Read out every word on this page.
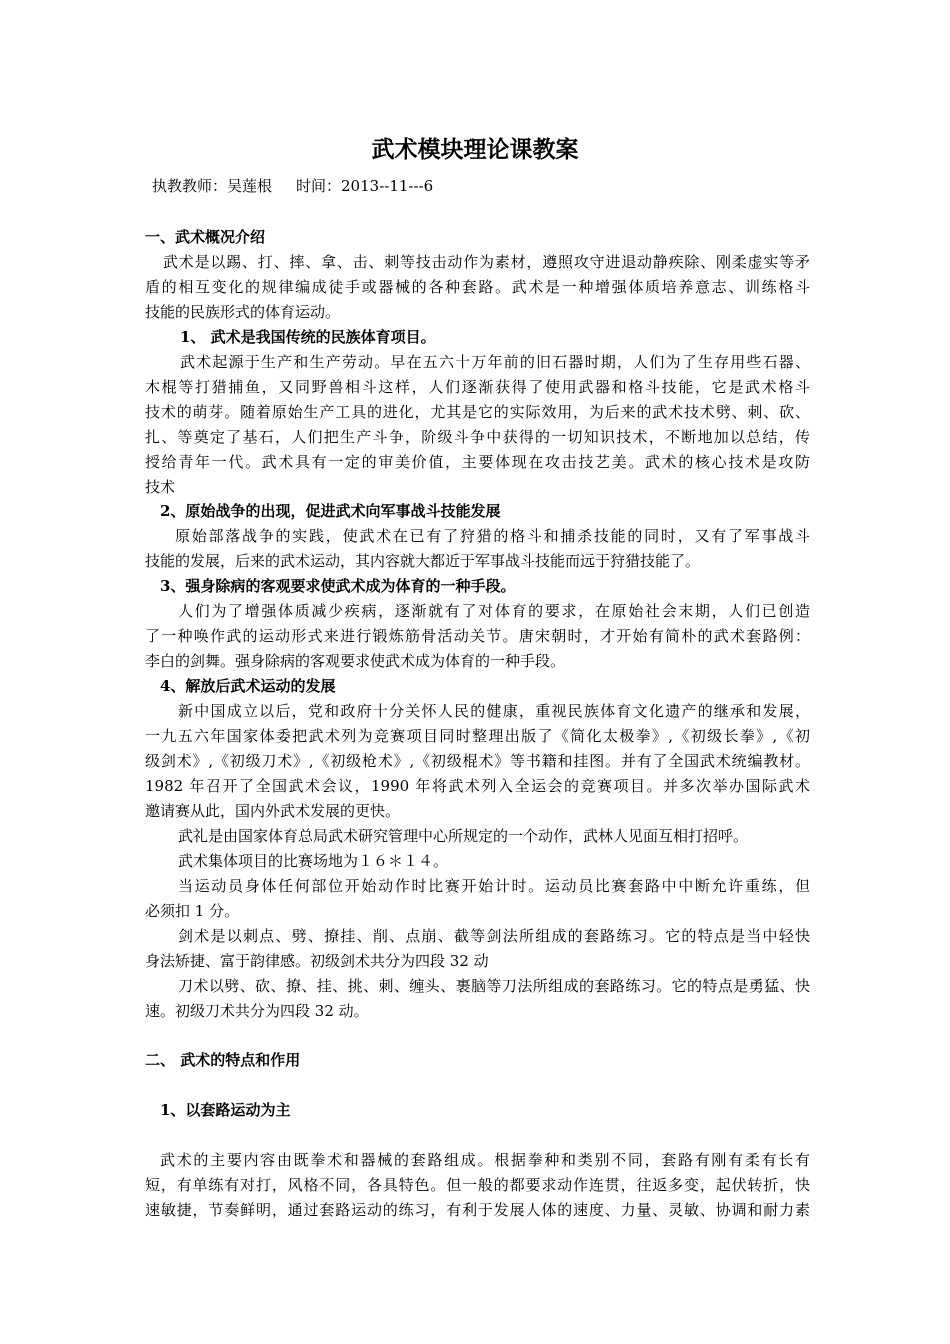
武术模块理论课教案
执教教师：吴莲根 时间：2013--11---6
一、武术概况介绍
武术是以踢、打、摔、拿、击、刺等技击动作为素材，遵照攻守进退动静疾除、刚柔虚实等矛
盾的相互变化的规律编成徒手或器械的各种套路。武术是一种增强体质培养意志、训练格斗
技能的民族形式的体育运动。
1、 武术是我国传统的民族体育项目。
武术起源于生产和生产劳动。早在五六十万年前的旧石器时期，人们为了生存用些石器、
木棍等打猎捕鱼，又同野兽相斗这样，人们逐渐获得了使用武器和格斗技能，它是武术格斗
技术的萌芽。随着原始生产工具的进化，尤其是它的实际效用，为后来的武术技术劈、刺、砍、
扎、等奠定了基石，人们把生产斗争，阶级斗争中获得的一切知识技术，不断地加以总结，传
授给青年一代。武术具有一定的审美价值，主要体现在攻击技艺美。武术的核心技术是攻防
技术
2、原始战争的出现，促进武术向军事战斗技能发展
原始部落战争的实践，使武术在已有了狩猎的格斗和捕杀技能的同时，又有了军事战斗
技能的发展，后来的武术运动，其内容就大都近于军事战斗技能而远于狩猎技能了。
3、强身除病的客观要求使武术成为体育的一种手段。
人们为了增强体质减少疾病，逐渐就有了对体育的要求，在原始社会末期，人们已创造
了一种唤作武的运动形式来进行锻炼筋骨活动关节。唐宋朝时，才开始有简朴的武术套路例：
李白的剑舞。强身除病的客观要求使武术成为体育的一种手段。
4、解放后武术运动的发展
新中国成立以后，党和政府十分关怀人民的健康，重视民族体育文化遗产的继承和发展，
一九五六年国家体委把武术列为竞赛项目同时整理出版了《简化太极拳》,《初级长拳》,《初
级剑术》,《初级刀术》,《初级枪术》,《初级棍术》等书籍和挂图。并有了全国武术统编教材。
1982 年召开了全国武术会议，1990 年将武术列入全运会的竞赛项目。并多次举办国际武术
邀请赛从此，国内外武术发展的更快。
武礼是由国家体育总局武术研究管理中心所规定的一个动作，武林人见面互相打招呼。
武术集体项目的比赛场地为１６＊１４。
当运动员身体任何部位开始动作时比赛开始计时。运动员比赛套路中中断允许重练，但
必须扣 1 分。
剑术是以刺点、劈、撩挂、削、点崩、截等剑法所组成的套路练习。它的特点是当中轻快
身法矫捷、富于韵律感。初级剑术共分为四段 32 动
刀术以劈、砍、撩、挂、挑、刺、缠头、裹脑等刀法所组成的套路练习。它的特点是勇猛、快
速。初级刀术共分为四段 32 动。
二、 武术的特点和作用
1、以套路运动为主
武术的主要内容由既拳术和器械的套路组成。根据拳种和类别不同，套路有刚有柔有长有
短，有单练有对打，风格不同，各具特色。但一般的都要求动作连贯，往返多变，起伏转折，快
速敏捷，节奏鲜明，通过套路运动的练习，有利于发展人体的速度、力量、灵敏、协调和耐力素
